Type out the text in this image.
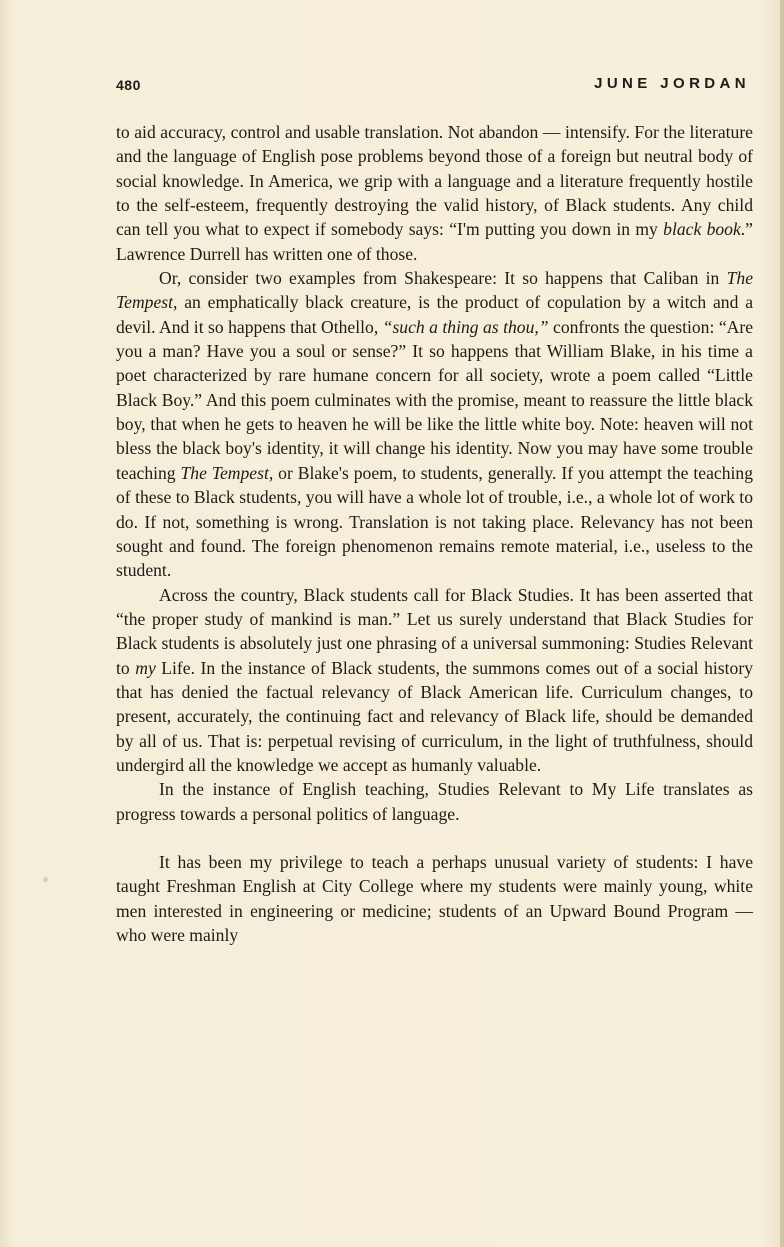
480	JUNE JORDAN

to aid accuracy, control and usable translation. Not abandon — intensify. For the literature and the language of English pose problems beyond those of a foreign but neutral body of social knowledge. In America, we grip with a language and a literature frequently hostile to the self-esteem, frequently destroying the valid history, of Black students. Any child can tell you what to expect if somebody says: “I'm putting you down in my black book.” Lawrence Durrell has written one of those.

Or, consider two examples from Shakespeare: It so happens that Caliban in The Tempest, an emphatically black creature, is the product of copulation by a witch and a devil. And it so happens that Othello, “such a thing as thou,” confronts the question: “Are you a man? Have you a soul or sense?” It so happens that William Blake, in his time a poet characterized by rare humane concern for all society, wrote a poem called “Little Black Boy.” And this poem culminates with the promise, meant to reassure the little black boy, that when he gets to heaven he will be like the little white boy. Note: heaven will not bless the black boy's identity, it will change his identity. Now you may have some trouble teaching The Tempest, or Blake's poem, to students, generally. If you attempt the teaching of these to Black students, you will have a whole lot of trouble, i.e., a whole lot of work to do. If not, something is wrong. Translation is not taking place. Relevancy has not been sought and found. The foreign phenomenon remains remote material, i.e., useless to the student.

Across the country, Black students call for Black Studies. It has been asserted that “the proper study of mankind is man.” Let us surely understand that Black Studies for Black students is absolutely just one phrasing of a universal summoning: Studies Relevant to my Life. In the instance of Black students, the summons comes out of a social history that has denied the factual relevancy of Black American life. Curriculum changes, to present, accurately, the continuing fact and relevancy of Black life, should be demanded by all of us. That is: perpetual revising of curriculum, in the light of truthfulness, should undergird all the knowledge we accept as humanly valuable.

In the instance of English teaching, Studies Relevant to My Life translates as progress towards a personal politics of language.

It has been my privilege to teach a perhaps unusual variety of students: I have taught Freshman English at City College where my students were mainly young, white men interested in engineering or medicine; students of an Upward Bound Program — who were mainly
